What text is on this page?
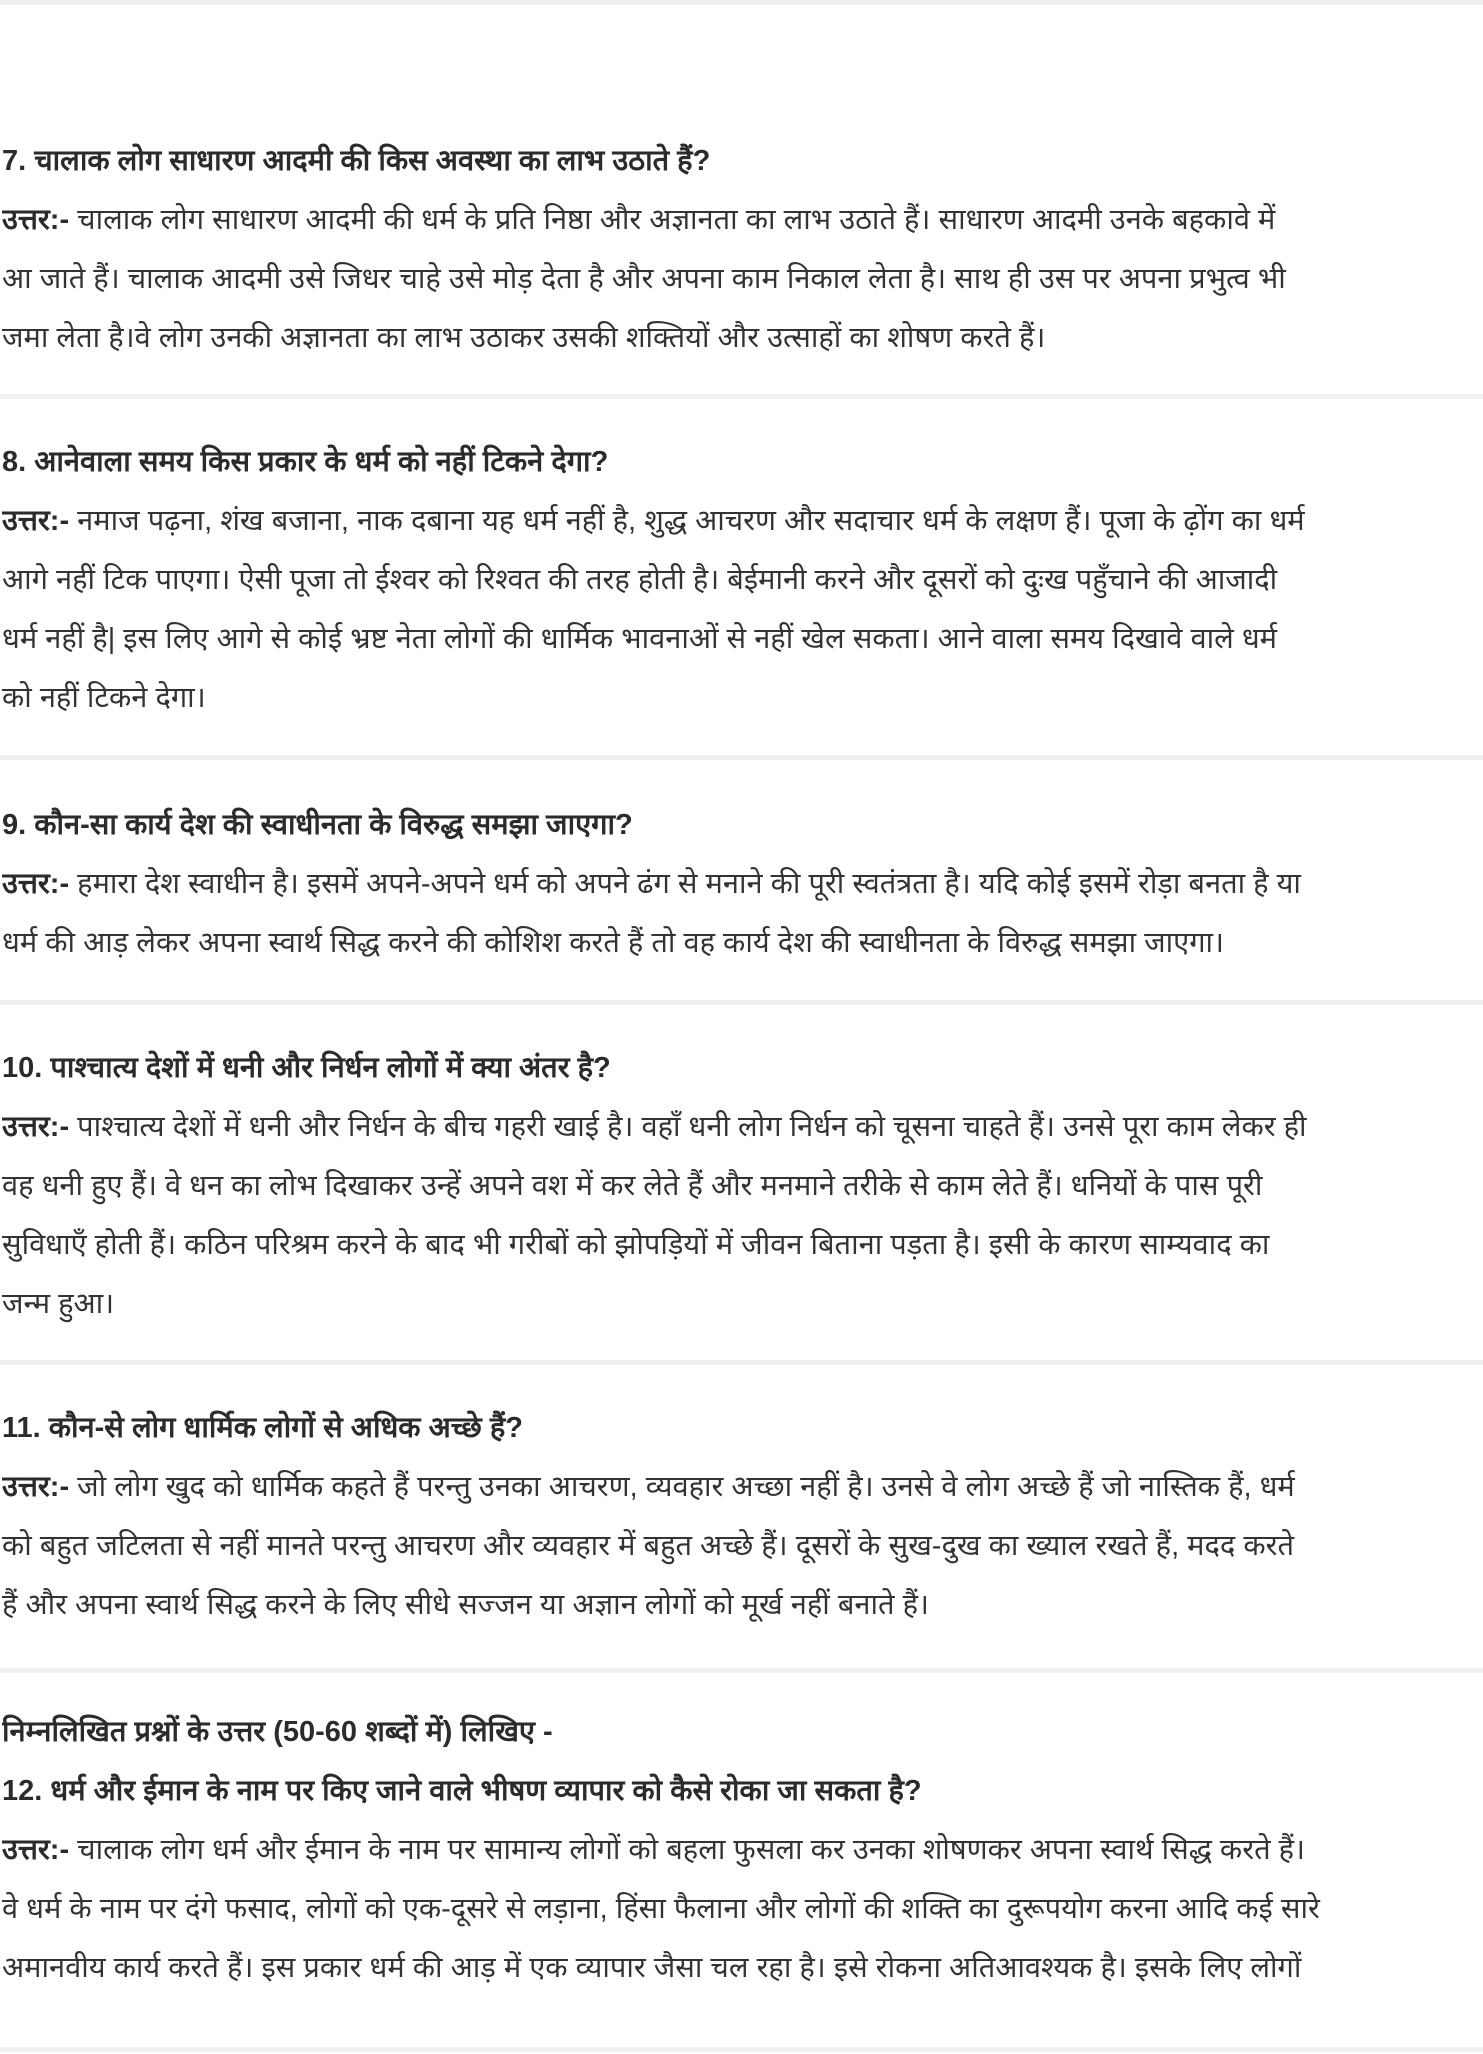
7. चालाक लोग साधारण आदमी की किस अवस्था का लाभ उठाते हैं?
उत्तर:- चालाक लोग साधारण आदमी की धर्म के प्रति निष्ठा और अज्ञानता का लाभ उठाते हैं। साधारण आदमी उनके बहकावे में
आ जाते हैं। चालाक आदमी उसे जिधर चाहे उसे मोड़ देता है और अपना काम निकाल लेता है। साथ ही उस पर अपना प्रभुत्व भी
जमा लेता है।वे लोग उनकी अज्ञानता का लाभ उठाकर उसकी शक्तियों और उत्साहों का शोषण करते हैं।
8. आनेवाला समय किस प्रकार के धर्म को नहीं टिकने देगा?
उत्तर:- नमाज पढ़ना, शंख बजाना, नाक दबाना यह धर्म नहीं है, शुद्ध आचरण और सदाचार धर्म के लक्षण हैं। पूजा के ढ़ोंग का धर्म
आगे नहीं टिक पाएगा। ऐसी पूजा तो ईश्वर को रिश्वत की तरह होती है। बेईमानी करने और दूसरों को दुःख पहुँचाने की आजादी
धर्म नहीं है| इस लिए आगे से कोई भ्रष्ट नेता लोगों की धार्मिक भावनाओं से नहीं खेल सकता। आने वाला समय दिखावे वाले धर्म
को नहीं टिकने देगा।
9. कौन-सा कार्य देश की स्वाधीनता के विरुद्ध समझा जाएगा?
उत्तर:- हमारा देश स्वाधीन है। इसमें अपने-अपने धर्म को अपने ढंग से मनाने की पूरी स्वतंत्रता है। यदि कोई इसमें रोड़ा बनता है या
धर्म की आड़ लेकर अपना स्वार्थ सिद्ध करने की कोशिश करते हैं तो वह कार्य देश की स्वाधीनता के विरुद्ध समझा जाएगा।
10. पाश्चात्य देशों में धनी और निर्धन लोगों में क्या अंतर है?
उत्तर:- पाश्चात्य देशों में धनी और निर्धन के बीच गहरी खाई है। वहाँ धनी लोग निर्धन को चूसना चाहते हैं। उनसे पूरा काम लेकर ही
वह धनी हुए हैं। वे धन का लोभ दिखाकर उन्हें अपने वश में कर लेते हैं और मनमाने तरीके से काम लेते हैं। धनियों के पास पूरी
सुविधाएँ होती हैं। कठिन परिश्रम करने के बाद भी गरीबों को झोपड़ियों में जीवन बिताना पड़ता है। इसी के कारण साम्यवाद का
जन्म हुआ।
11. कौन-से लोग धार्मिक लोगों से अधिक अच्छे हैं?
उत्तर:- जो लोग खुद को धार्मिक कहते हैं परन्तु उनका आचरण, व्यवहार अच्छा नहीं है। उनसे वे लोग अच्छे हैं जो नास्तिक हैं, धर्म
को बहुत जटिलता से नहीं मानते परन्तु आचरण और व्यवहार में बहुत अच्छे हैं। दूसरों के सुख-दुख का ख्याल रखते हैं, मदद करते
हैं और अपना स्वार्थ सिद्ध करने के लिए सीधे सज्जन या अज्ञान लोगों को मूर्ख नहीं बनाते हैं।
निम्नलिखित प्रश्नों के उत्तर (50-60 शब्दों में) लिखिए -
12. धर्म और ईमान के नाम पर किए जाने वाले भीषण व्यापार को कैसे रोका जा सकता है?
उत्तर:- चालाक लोग धर्म और ईमान के नाम पर सामान्य लोगों को बहला फुसला कर उनका शोषणकर अपना स्वार्थ सिद्ध करते हैं।
वे धर्म के नाम पर दंगे फसाद, लोगों को एक-दूसरे से लड़ाना, हिंसा फैलाना और लोगों की शक्ति का दुरूपयोग करना आदि कई सारे
अमानवीय कार्य करते हैं। इस प्रकार धर्म की आड़ में एक व्यापार जैसा चल रहा है। इसे रोकना अतिआवश्यक है। इसके लिए लोगों
